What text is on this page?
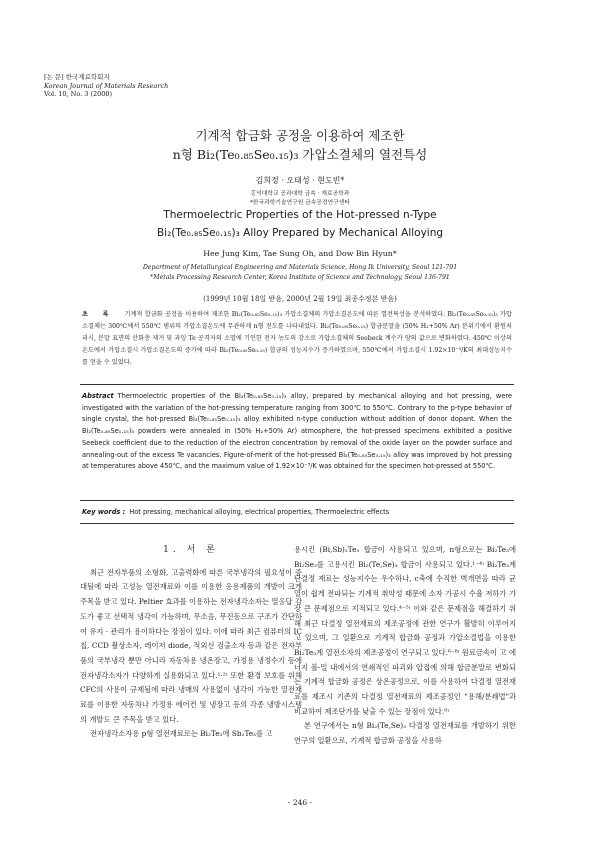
[논 문] 한국재료학회지
Korean Journal of Materials Research
Vol. 10, No. 3 (2000)
기계적 합금화 공정을 이용하여 제조한
n형 Bi₂(Te₀.₈₅Se₀.₁₅)₃ 가압소결체의 열전특성
김희정 · 오태성 · 현도빈*
홍익대학교 공과대학 금속 · 재료공학과
*한국과학기술연구원 금속공정연구센타
Thermoelectric Properties of the Hot-pressed n-Type
Bi₂(Te₀.₈₅Se₀.₁₅)₃ Alloy Prepared by Mechanical Alloying
Hee Jung Kim, Tae Sung Oh, and Dow Bin Hyun*
Department of Metallurgical Engineering and Materials Science, Hong Ik University, Seoul 121-791
*Metals Processing Research Center, Korea Institute of Science and Technology, Seoul 136-791
(1999년 10월 18일 받음, 2000년 2월 19일 최종수정본 받음)
초 록 기계적 합금화 공정을 이용하여 제조한 Bi₂(Te₀.₈₅Se₀.₁₅)₃ 가압소결체의 가압소결온도에 따른 열전특성을 분석하였다. Bi₂(Te₀.₈₅Se₀.₁₅)₃ 가압소결체는 300℃에서 550℃ 범위의 가압소결온도에 무관하게 n형 전도를 나타내었다. Bi₂(Te₀.₈₅Se₀.₁₅) 합금분말을 (50% H₂+50% Ar) 분위기에서 환원처리시, 분말 표면의 산화층 제거 및 과잉 Te 공격자의 소멸에 기인한 전자 농도의 감소로 가압소결체의 Seebeck 계수가 양의 값으로 변화하였다. 450℃ 이상의 온도에서 가압소결시 가압소결온도의 증가에 따라 Bi₂(Te₀.₈₅Se₀.₁₅) 합금의 성능지수가 증가하였으며, 550℃에서 가압소결시 1.92×10⁻³/K의 최대성능지수를 얻을 수 있었다.
Abstract Thermoelectric properties of the Bi₂(Te₀.₈₅Se₀.₁₅)₃ alloy, prepared by mechanical alloying and hot pressing, were investigated with the variation of the hot-pressing temperature ranging from 300℃ to 550℃. Contrary to the p-type behavior of single crystal, the hot-pressed Bi₂(Te₀.₈₅Se₀.₁₅)₃ alloy exhibited n-type conduction without addition of donor dopant. When the Bi₂(Te₀.₈₅Se₀.₁₅)₃ powders were annealed in (50% H₂+50% Ar) atmosphere, the hot-pressed specimens exhibited a positive Seebeck coefficient due to the reduction of the electron concentration by removal of the oxide layer on the powder surface and annealing-out of the excess Te vacancies. Figure-of-merit of the hot-pressed Bi₂(Te₀.₈₅Se₀.₁₅)₃ alloy was improved by hot pressing at temperatures above 450℃, and the maximum value of 1.92×10⁻³/K was obtained for the specimen hot-pressed at 550℃.
Key words : Hot pressing, mechanical alloying, electrical properties, Thermoelectric effects

1. 서 론

최근 전자부품의 소형화, 고출력화에 따른 국부냉각의 필요성이 증대됨에 따라 고성능 열전재료와 이를 이용한 응용제품의 개발이 크게 주목을 받고 있다. Peltier 효과를 이용하는 전자냉각소자는 열응답 감도가 좋고 선택적 냉각이 가능하며, 무소음, 무진동으로 구조가 간단하여 유지 · 관리가 용이하다는 장점이 있다. 이에 따라 최근 컴퓨터의 IC 칩, CCD 촬상소자, 레이저 diode, 적외선 검출소자 등과 같은 전자부품의 국부냉각 뿐만 아니라 자동차용 냉온장고, 가정용 냉정수기 등에 전자냉각소자가 다양하게 실용화되고 있다.¹·²⁾ 또한 환경 보호를 위해 CFC의 사용이 규제됨에 따라 냉매의 사용없이 냉각이 가능한 열전재료를 이용한 자동차나 가정용 에어컨 및 냉장고 등의 각종 냉방시스템의 개발도 큰 주목을 받고 있다.

전자냉각소자용 p형 열전재료로는 Bi₂Te₃에 Sb₂Te₃를 고

용시킨 (Bi,Sb)₂Te₃ 합금이 사용되고 있으며, n형으로는 Bi₂Te₃에 Bi₂Se₃를 고용시킨 Bi₂(Te,Se)₃ 합금이 사용되고 있다.¹⁻⁴⁾ Bi₂Te₃계 단결정 재료는 성능지수는 우수하나, c축에 수직한 벽개면을 따라 균열이 쉽게 전파되는 기계적 취약성 때문에 소자 가공시 수율 저하가 가장 큰 문제점으로 지적되고 있다.⁴⁻⁵⁾ 이와 같은 문제점을 해결하기 위해 최근 다결정 열전재료의 제조공정에 관한 연구가 활발히 이루어지고 있으며, 그 일환으로 기계적 합금화 공정과 가압소결법을 이용한 Bi₂Te₃계 열전소자의 제조공정이 연구되고 있다.⁶⁻⁸⁾ 원료금속이 고 에너지 볼-밀 내에서의 연쇄적인 파괴와 압접에 의해 합금분말로 변화되는 기계적 합금화 공정은 상온공정으로, 이를 사용하여 다결정 열전재료를 제조시 기존의 다결정 열전재료의 제조공정인 "용해/분쇄법"과 비교하여 제조단가를 낮출 수 있는 장점이 있다.⁹⁾

본 연구에서는 n형 Bi₂(Te,Se)₃ 다결정 열전재료를 개발하기 위한 연구의 일환으로, 기계적 합금화 공정을 사용하

- 246 -
